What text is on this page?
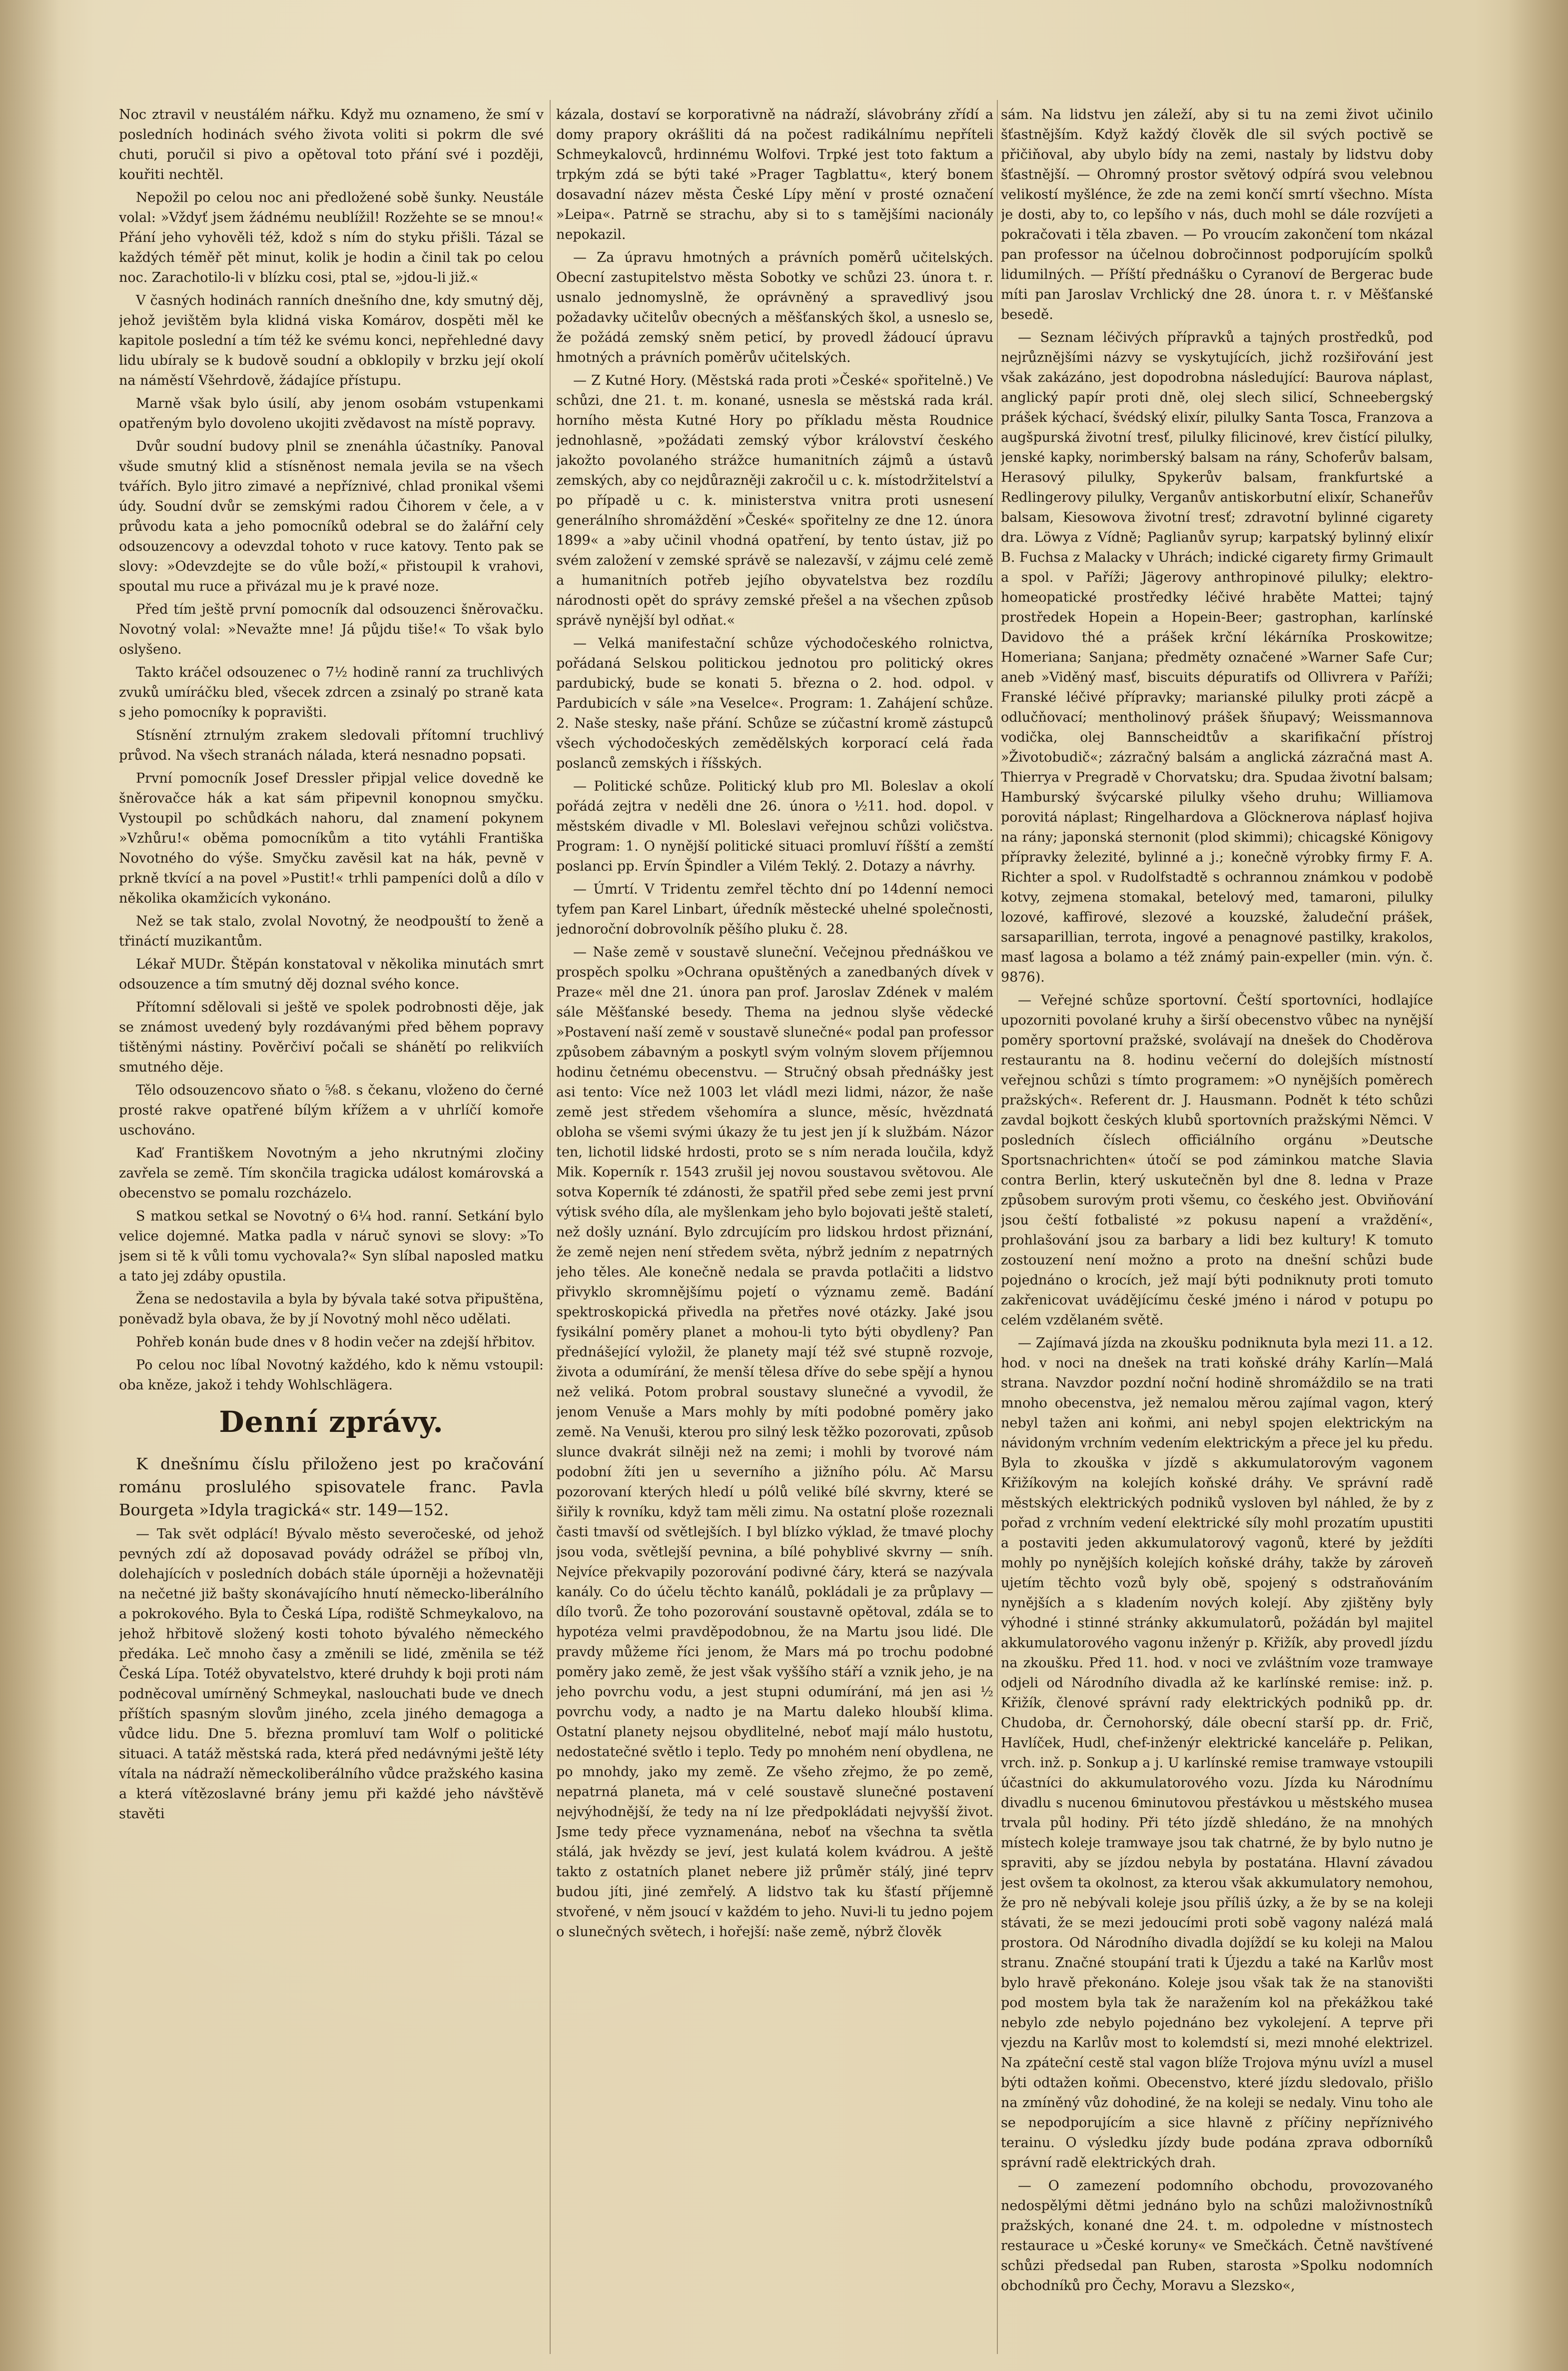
Noc ztravil v neustálém nářku. Když mu oznameno, že smí v posledních hodinách svého života voliti si pokrm dle své chuti, poručil si pivo a opětoval toto přání své i později, kouřiti nechtěl.

Nepožil po celou noc ani předložené sobě šunky. Neustále volal: »Vždyť jsem žádnému neublížil! Rozžehte se se mnou!« Přání jeho vyhověli též, kdož s ním do styku přišli. Tázal se každých téměř pět minut, kolik je hodin a činil tak po celou noc. Zarachotilo-li v blízku cosi, ptal se, »jdou-li již.«

V časných hodinách ranních dnešního dne, kdy smutný děj, jehož jevištěm byla klidná viska Komárov, dospěti měl ke kapitole poslední a tím též ke svému konci, nepřehledné davy lidu ubíraly se k budově soudní a obklopily v brzku její okolí na náměstí Všehrdově, žádajíce přístupu.

Marně však bylo úsilí, aby jenom osobám vstupenkami opatřeným bylo dovoleno ukojiti zvědavost na místě popravy.

Dvůr soudní budovy plnil se znenáhla účastníky. Panoval všude smutný klid a stísněnost nemala jevila se na všech tvářích. Bylo jitro zimavé a nepříznivé, chlad pronikal všemi údy. Soudní dvůr se zemskými radou Čihorem v čele, a v průvodu kata a jeho pomocníků odebral se do žalářní cely odsouzencovy a odevzdal tohoto v ruce katovy. Tento pak se slovy: »Odevzdejte se do vůle boží,« přistoupil k vrahovi, spoutal mu ruce a přivázal mu je k pravé noze.

Před tím ještě první pomocník dal odsouzenci šněrovačku. Novotný volal: »Nevažte mne! Já půjdu tiše!« To však bylo oslyšeno.

Takto kráčel odsouzenec o 7½ hodině ranní za truchlivých zvuků umíráčku bled, všecek zdrcen a zsinalý po straně kata s jeho pomocníky k popravišti.

Stísnění ztrnulým zrakem sledovali přítomní truchlivý průvod. Na všech stranách nálada, která nesnadno popsati.

První pomocník Josef Dressler připjal velice dovedně ke šněrovačce hák a kat sám připevnil konopnou smyčku. Vystoupil po schůdkách nahoru, dal znamení pokynem »Vzhůru!« oběma pomocníkům a tito vytáhli Františka Novotného do výše. Smyčku zavěsil kat na hák, pevně v prkně tkvící a na povel »Pustit!« trhli pampeníci dolů a dílo v několika okamžicích vykonáno.

Než se tak stalo, zvolal Novotný, že neodpouští to ženě a třináctí muzikantům.

Lékař MUDr. Štěpán konstatoval v několika minutách smrt odsouzence a tím smutný děj doznal svého konce.

Přítomní sdělovali si ještě ve spolek podrobnosti děje, jak se známost uvedený byly rozdávanými před během popravy tištěnými nástiny. Pověrčiví počali se shánětí po relikviích smutného děje.

Tělo odsouzencovo sňato o ⅝8. s čekanu, vloženo do černé prosté rakve opatřené bílým křížem a v uhrlíčí komoře uschováno.

Kaď Františkem Novotným a jeho nkrutnými zločiny zavřela se země. Tím skončila tragicka událost komárovská a obecenstvo se pomalu rozcházelo.

S matkou setkal se Novotný o 6¼ hod. ranní. Setkání bylo velice dojemné. Matka padla v náruč synovi se slovy: »To jsem si tě k vůli tomu vychovala?« Syn slíbal naposled matku a tato jej zdáby opustila.

Žena se nedostavila a byla by bývala také sotva připuštěna, poněvadž byla obava, že by jí Novotný mohl něco udělati.

Pohřeb konán bude dnes v 8 hodin večer na zdejší hřbitov.

Po celou noc líbal Novotný každého, kdo k němu vstoupil: oba kněze, jakož i tehdy Wohlschlägera.

Denní zprávy.

K dnešnímu číslu přiloženo jest po kračování románu proslulého spisovatele franc. Pavla Bourgeta »Idyla tragická« str. 149—152.

— Tak svět odplácí! Bývalo město severočeské, od jehož pevných zdí až doposavad povády odrážel se příboj vln, dolehajících v posledních dobách stále úporněji a hoževnatěji na nečetné již bašty skonávajícího hnutí německo-liberálního a pokrokového. Byla to Česká Lípa, rodiště Schmeykalovo, na jehož hřbitově složený kosti tohoto bývalého německého předáka. Leč mnoho časy a změnili se lidé, změnila se též Česká Lípa. Totéž obyvatelstvo, které druhdy k boji proti nám podněcoval umírněný Schmeykal, naslouchati bude ve dnech příštích spasným slovům jiného, zcela jiného demagoga a vůdce lidu. Dne 5. března promluví tam Wolf o politické situaci. A tatáž městská rada, která před nedávnými ještě léty vítala na nádraží německoliberálního vůdce pražského kasina a která vítězoslavné brány jemu při každé jeho návštěvě stavěti

kázala, dostaví se korporativně na nádraží, slávobrány zřídí a domy prapory okrášliti dá na počest radikálnímu nepříteli Schmeykalovců, hrdinnému Wolfovi. Trpké jest toto faktum a trpkým zdá se býti také »Prager Tagblattu«, který bonem dosavadní název města České Lípy mění v prosté označení »Leipa«. Patrně se strachu, aby si to s tamějšími nacionály nepokazil.

— Za úpravu hmotných a právních poměrů učitelských. Obecní zastupitelstvo města Sobotky ve schůzi 23. února t. r. usnalo jednomyslně, že oprávněný a spravedlivý jsou požadavky učitelův obecných a měšťanských škol, a usneslo se, že požádá zemský sněm peticí, by provedl žádoucí úpravu hmotných a právních poměrův učitelských.

— Z Kutné Hory. (Městská rada proti »České« spořitelně.) Ve schůzi, dne 21. t. m. konané, usnesla se městská rada král. horního města Kutné Hory po příkladu města Roudnice jednohlasně, »požádati zemský výbor království českého jakožto povolaného strážce humanitních zájmů a ústavů zemských, aby co nejdůrazněji zakročil u c. k. místodržitelství a po případě u c. k. ministerstva vnitra proti usnesení generálního shromáždění »České« spořitelny ze dne 12. února 1899« a »aby učinil vhodná opatření, by tento ústav, již po svém založení v zemské správě se nalezavší, v zájmu celé země a humanitních potřeb jejího obyvatelstva bez rozdílu národnosti opět do správy zemské přešel a na všechen způsob správě nynější byl odňat.«

— Velká manifestační schůze východočeského rolnictva, pořádaná Selskou politickou jednotou pro politický okres pardubický, bude se konati 5. března o 2. hod. odpol. v Pardubicích v sále »na Veselce«. Program: 1. Zahájení schůze. 2. Naše stesky, naše přání. Schůze se zúčastní kromě zástupců všech východočeských zemědělských korporací celá řada poslanců zemských i říšských.

— Politické schůze. Politický klub pro Ml. Boleslav a okolí pořádá zejtra v neděli dne 26. února o ½11. hod. dopol. v městském divadle v Ml. Boleslavi veřejnou schůzi voličstva. Program: 1. O nynější politické situaci promluví říšští a zemští poslanci pp. Ervín Špindler a Vilém Teklý. 2. Dotazy a návrhy.

— Úmrtí. V Tridentu zemřel těchto dní po 14denní nemoci tyfem pan Karel Linbart, úředník městecké uhelné společnosti, jednoroční dobrovolník pěšího pluku č. 28.

— Naše země v soustavě sluneční. Večejnou přednáškou ve prospěch spolku »Ochrana opuštěných a zanedbaných dívek v Praze« měl dne 21. února pan prof. Jaroslav Zdének v malém sále Měšťanské besedy. Thema na jednou slyše vědecké »Postavení naší země v soustavě slunečné« podal pan professor způsobem zábavným a poskytl svým volným slovem příjemnou hodinu četnému obecenstvu. — Stručný obsah přednášky jest asi tento: Více než 1003 let vládl mezi lidmi, názor, že naše země jest středem všehomíra a slunce, měsíc, hvězdnatá obloha se všemi svými úkazy že tu jest jen jí k službám. Názor ten, lichotil lidské hrdosti, proto se s ním nerada loučila, když Mik. Koperník r. 1543 zrušil jej novou soustavou světovou. Ale sotva Koperník té zdánosti, že spatřil před sebe zemi jest první výtisk svého díla, ale myšlenkam jeho bylo bojovati ještě staletí, než došly uznání. Bylo zdrcujícím pro lidskou hrdost přiznání, že země nejen není středem světa, nýbrž jedním z nepatrných jeho těles. Ale konečně nedala se pravda potlačiti a lidstvo přivyklo skromnějšímu pojetí o významu země. Badání spektroskopická přivedla na přetřes nové otázky. Jaké jsou fysikální poměry planet a mohou-li tyto býti obydleny? Pan přednášející vyložil, že planety mají též své stupně rozvoje, života a odumírání, že menší tělesa dříve do sebe spějí a hynou než veliká. Potom probral soustavy slunečné a vyvodil, že jenom Venuše a Mars mohly by míti podobné poměry jako země. Na Venuši, kterou pro silný lesk těžko pozorovati, způsob slunce dvakrát silněji než na zemi; i mohli by tvorové nám podobní žíti jen u severního a jižního pólu. Ač Marsu pozorovaní kterých hledí u pólů veliké bílé skvrny, které se šiřily k rovníku, když tam měli zimu. Na ostatní ploše rozeznali časti tmavší od světlejších. I byl blízko výklad, že tmavé plochy jsou voda, světlejší pevnina, a bílé pohyblivé skvrny — sníh. Nejvíce překvapily pozorování podivné čáry, která se nazývala kanály. Co do účelu těchto kanálů, pokládali je za průplavy — dílo tvorů. Že toho pozorování soustavně opětoval, zdála se to hypotéza velmi pravděpodobnou, že na Martu jsou lidé. Dle pravdy můžeme říci jenom, že Mars má po trochu podobné poměry jako země, že jest však vyššího stáří a vznik jeho, je na jeho povrchu vodu, a jest stupni odumírání, má jen asi ½ povrchu vody, a nadto je na Martu daleko hloubší klima. Ostatní planety nejsou obydlitelné, neboť mají málo hustotu, nedostatečné světlo i teplo. Tedy po mnohém není obydlena, ne po mnohdy, jako my země. Ze všeho zřejmo, že po země, nepatrná planeta, má v celé soustavě slunečné postavení nejvýhodnější, že tedy na ní lze předpokládati nejvyšší život. Jsme tedy přece vyznamenána, neboť na všechna ta světla stálá, jak hvězdy se jeví, jest kulatá kolem kvádrou. A ještě takto z ostatních planet nebere již průměr stálý, jiné teprv budou jíti, jiné zemřelý. A lidstvo tak ku šťastí příjemně stvořené, v něm jsoucí v každém to jeho. Nuvi-li tu jedno pojem o slunečných světech, i hořejší: naše země, nýbrž člověk

sám. Na lidstvu jen záleží, aby si tu na zemi život učinilo šťastnějším. Když každý člověk dle sil svých poctivě se přičiňoval, aby ubylo bídy na zemi, nastaly by lidstvu doby šťastnější. — Ohromný prostor světový odpírá svou velebnou velikostí myšlénce, že zde na zemi končí smrtí všechno. Místa je dosti, aby to, co lepšího v nás, duch mohl se dále rozvíjeti a pokračovati i těla zbaven. — Po vroucím zakončení tom nkázal pan professor na účelnou dobročinnost podporujícím spolků lidumilných. — Příští přednášku o Cyranoví de Bergerac bude míti pan Jaroslav Vrchlický dne 28. února t. r. v Měšťanské besedě.

— Seznam léčivých přípravků a tajných prostředků, pod nejrůznějšími názvy se vyskytujících, jichž rozšiřování jest však zakázáno, jest dopodrobna následující: Baurova náplast, anglický papír proti dně, olej slech silicí, Schneebergský prášek kýchací, švédský elixír, pilulky Santa Tosca, Franzova a augšpurská životní tresť, pilulky filicinové, krev čistící pilulky, jenské kapky, norimberský balsam na rány, Schoferův balsam, Herasový pilulky, Spykerův balsam, frankfurtské a Redlingerovy pilulky, Verganův antiskorbutní elixír, Schaneřův balsam, Kiesowova životní tresť; zdravotní bylinné cigarety dra. Löwya z Vídně; Paglianův syrup; karpatský bylinný elixír B. Fuchsa z Malacky v Uhrách; indické cigarety firmy Grimault a spol. v Paříži; Jägerovy anthropinové pilulky; elektro-homeopatické prostředky léčivé hraběte Mattei; tajný prostředek Hopein a Hopein-Beer; gastrophan, karlínské Davidovo thé a prášek krční lékárníka Proskowitze; Homeriana; Sanjana; předměty označené »Warner Safe Cur; aneb »Viděný masť, biscuits dépuratifs od Ollivrera v Paříži; Franské léčivé přípravky; marianské pilulky proti zácpě a odlučňovací; mentholinový prášek šňupavý; Weissmannova vodička, olej Bannscheidtův a skarifikační přístroj »Životobudič«; zázračný balsám a anglická zázračná mast A. Thierrya v Pregradě v Chorvatsku; dra. Spudaa životní balsam; Hamburský švýcarské pilulky všeho druhu; Williamova porovitá náplast; Ringelhardova a Glöcknerova náplasť hojiva na rány; japonská sternonit (plod skimmi); chicagské Königovy přípravky železité, bylinné a j.; konečně výrobky firmy F. A. Richter a spol. v Rudolfstadtě s ochrannou známkou v podobě kotvy, zejmena stomakal, betelový med, tamaroni, pilulky lozové, kaffirové, slezové a kouzské, žaludeční prášek, sarsaparillian, terrota, ingové a penagnové pastilky, krakolos, masť lagosa a bolamo a též známý pain-expeller (min. výn. č. 9876).

— Veřejné schůze sportovní. Čeští sportovníci, hodlajíce upozorniti povolané kruhy a širší obecenstvo vůbec na nynější poměry sportovní pražské, svolávají na dnešek do Choděrova restaurantu na 8. hodinu večerní do dolejších místností veřejnou schůzi s tímto programem: »O nynějších poměrech pražských«. Referent dr. J. Hausmann. Podnět k této schůzi zavdal bojkott českých klubů sportovních pražskými Němci. V posledních číslech officiálního orgánu »Deutsche Sportsnachrichten« útočí se pod záminkou matche Slavia contra Berlin, který uskutečněn byl dne 8. ledna v Praze způsobem surovým proti všemu, co českého jest. Obviňování jsou čeští fotbalisté »z pokusu napení a vraždění«, prohlašování jsou za barbary a lidi bez kultury! K tomuto zostouzení není možno a proto na dnešní schůzi bude pojednáno o krocích, jež mají býti podniknuty proti tomuto zakřenicovat uvádějícímu české jméno i národ v potupu po celém vzdělaném světě.

— Zajímavá jízda na zkoušku podniknuta byla mezi 11. a 12. hod. v noci na dnešek na trati koňské dráhy Karlín—Malá strana. Navzdor pozdní noční hodině shromáždilo se na trati mnoho obecenstva, jež nemalou měrou zajímal vagon, který nebyl tažen ani koňmi, ani nebyl spojen elektrickým na návidoným vrchním vedením elektrickým a přece jel ku předu. Byla to zkouška v jízdě s akkumulatorovým vagonem Křižíkovým na kolejích koňské dráhy. Ve správní radě městských elektrických podniků vysloven byl náhled, že by z pořad z vrchním vedení elektrické síly mohl prozatím upustiti a postaviti jeden akkumulatorový vagonů, které by ježdíti mohly po nynějších kolejích koňské dráhy, takže by zároveň ujetím těchto vozů byly obě, spojený s odstraňováním nynějších a s kladením nových kolejí. Aby zjištěny byly výhodné i stinné stránky akkumulatorů, požádán byl majitel akkumulatorového vagonu inženýr p. Křižík, aby provedl jízdu na zkoušku. Před 11. hod. v noci ve zvláštním voze tramwaye odjeli od Národního divadla až ke karlínské remise: inž. p. Křižík, členové správní rady elektrických podniků pp. dr. Chudoba, dr. Černohorský, dále obecní starší pp. dr. Frič, Havlíček, Hudl, chef-inženýr elektrické kanceláře p. Pelikan, vrch. inž. p. Sonkup a j. U karlínské remise tramwaye vstoupili účastníci do akkumulatorového vozu. Jízda ku Národnímu divadlu s nucenou 6minutovou přestávkou u městského musea trvala půl hodiny. Při této jízdě shledáno, že na mnohých místech koleje tramwaye jsou tak chatrné, že by bylo nutno je spraviti, aby se jízdou nebyla by postatána. Hlavní závadou jest ovšem ta okolnost, za kterou však akkumulatory nemohou, že pro ně nebývali koleje jsou příliš úzky, a že by se na koleji stávati, že se mezi jedoucími proti sobě vagony nalézá malá prostora. Od Národního divadla dojíždí se ku koleji na Malou stranu. Značné stoupání trati k Újezdu a také na Karlův most bylo hravě překonáno. Koleje jsou však tak že na stanovišti pod mostem byla tak že naražením kol na překážkou také nebylo zde nebylo pojednáno bez vykolejení. A teprve při vjezdu na Karlův most to kolemdstí si, mezi mnohé elektrizel. Na zpáteční cestě stal vagon blíže Trojova mýnu uvízl a musel býti odtažen koňmi. Obecenstvo, které jízdu sledovalo, přišlo na zmíněný vůz dohodiné, že na koleji se nedaly. Vinu toho ale se nepodporujícím a sice hlavně z příčiny nepříznivého terainu. O výsledku jízdy bude podána zprava odborníků správní radě elektrických drah.

— O zamezení podomního obchodu, provozovaného nedospělými dětmi jednáno bylo na schůzi maloživnostníků pražských, konané dne 24. t. m. odpoledne v místnostech restaurace u »České koruny« ve Smečkách. Četně navštívené schůzi předsedal pan Ruben, starosta »Spolku nodomních obchodníků pro Čechy, Moravu a Slezsko«,
